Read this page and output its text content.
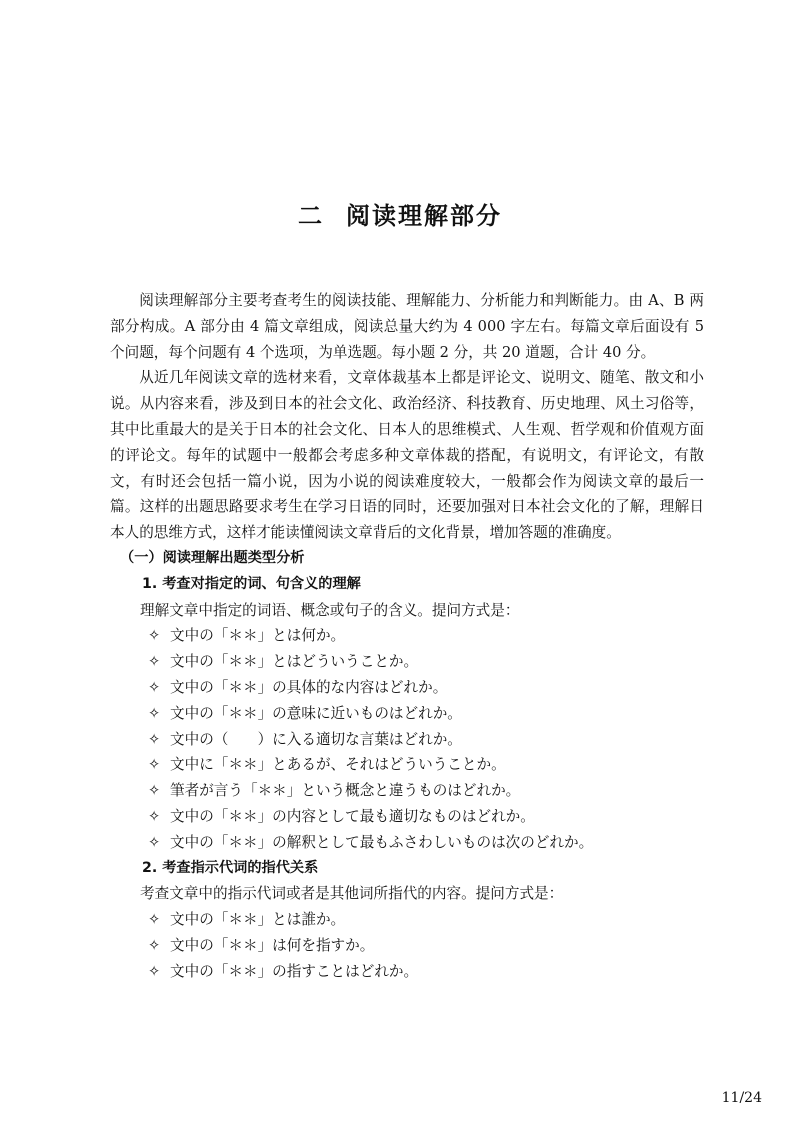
二 阅读理解部分

阅读理解部分主要考查考生的阅读技能、理解能力、分析能力和判断能力。由 A、B 两部分构成。A 部分由 4 篇文章组成，阅读总量大约为 4 000 字左右。每篇文章后面设有 5 个问题，每个问题有 4 个选项，为单选题。每小题 2 分，共 20 道题，合计 40 分。

从近几年阅读文章的选材来看，文章体裁基本上都是评论文、说明文、随笔、散文和小说。从内容来看，涉及到日本的社会文化、政治经济、科技教育、历史地理、风土习俗等，其中比重最大的是关于日本的社会文化、日本人的思维模式、人生观、哲学观和价值观方面的评论文。每年的试题中一般都会考虑多种文章体裁的搭配，有说明文，有评论文，有散文，有时还会包括一篇小说，因为小说的阅读难度较大，一般都会作为阅读文章的最后一篇。这样的出题思路要求考生在学习日语的同时，还要加强对日本社会文化的了解，理解日本人的思维方式，这样才能读懂阅读文章背后的文化背景，增加答题的准确度。

（一）阅读理解出题类型分析

1. 考查对指定的词、句含义的理解

理解文章中指定的词语、概念或句子的含义。提问方式是：

✧ 文中の「＊＊」とは何か。

✧ 文中の「＊＊」とはどういうことか。

✧ 文中の「＊＊」の具体的な内容はどれか。

✧ 文中の「＊＊」の意味に近いものはどれか。

✧ 文中の（　　）に入る適切な言葉はどれか。

✧ 文中に「＊＊」とあるが、それはどういうことか。

✧ 筆者が言う「＊＊」という概念と違うものはどれか。

✧ 文中の「＊＊」の内容として最も適切なものはどれか。

✧ 文中の「＊＊」の解釈として最もふさわしいものは次のどれか。

2. 考查指示代词的指代关系

考查文章中的指示代词或者是其他词所指代的内容。提问方式是：

✧ 文中の「＊＊」とは誰か。

✧ 文中の「＊＊」は何を指すか。

✧ 文中の「＊＊」の指すことはどれか。

11/24
